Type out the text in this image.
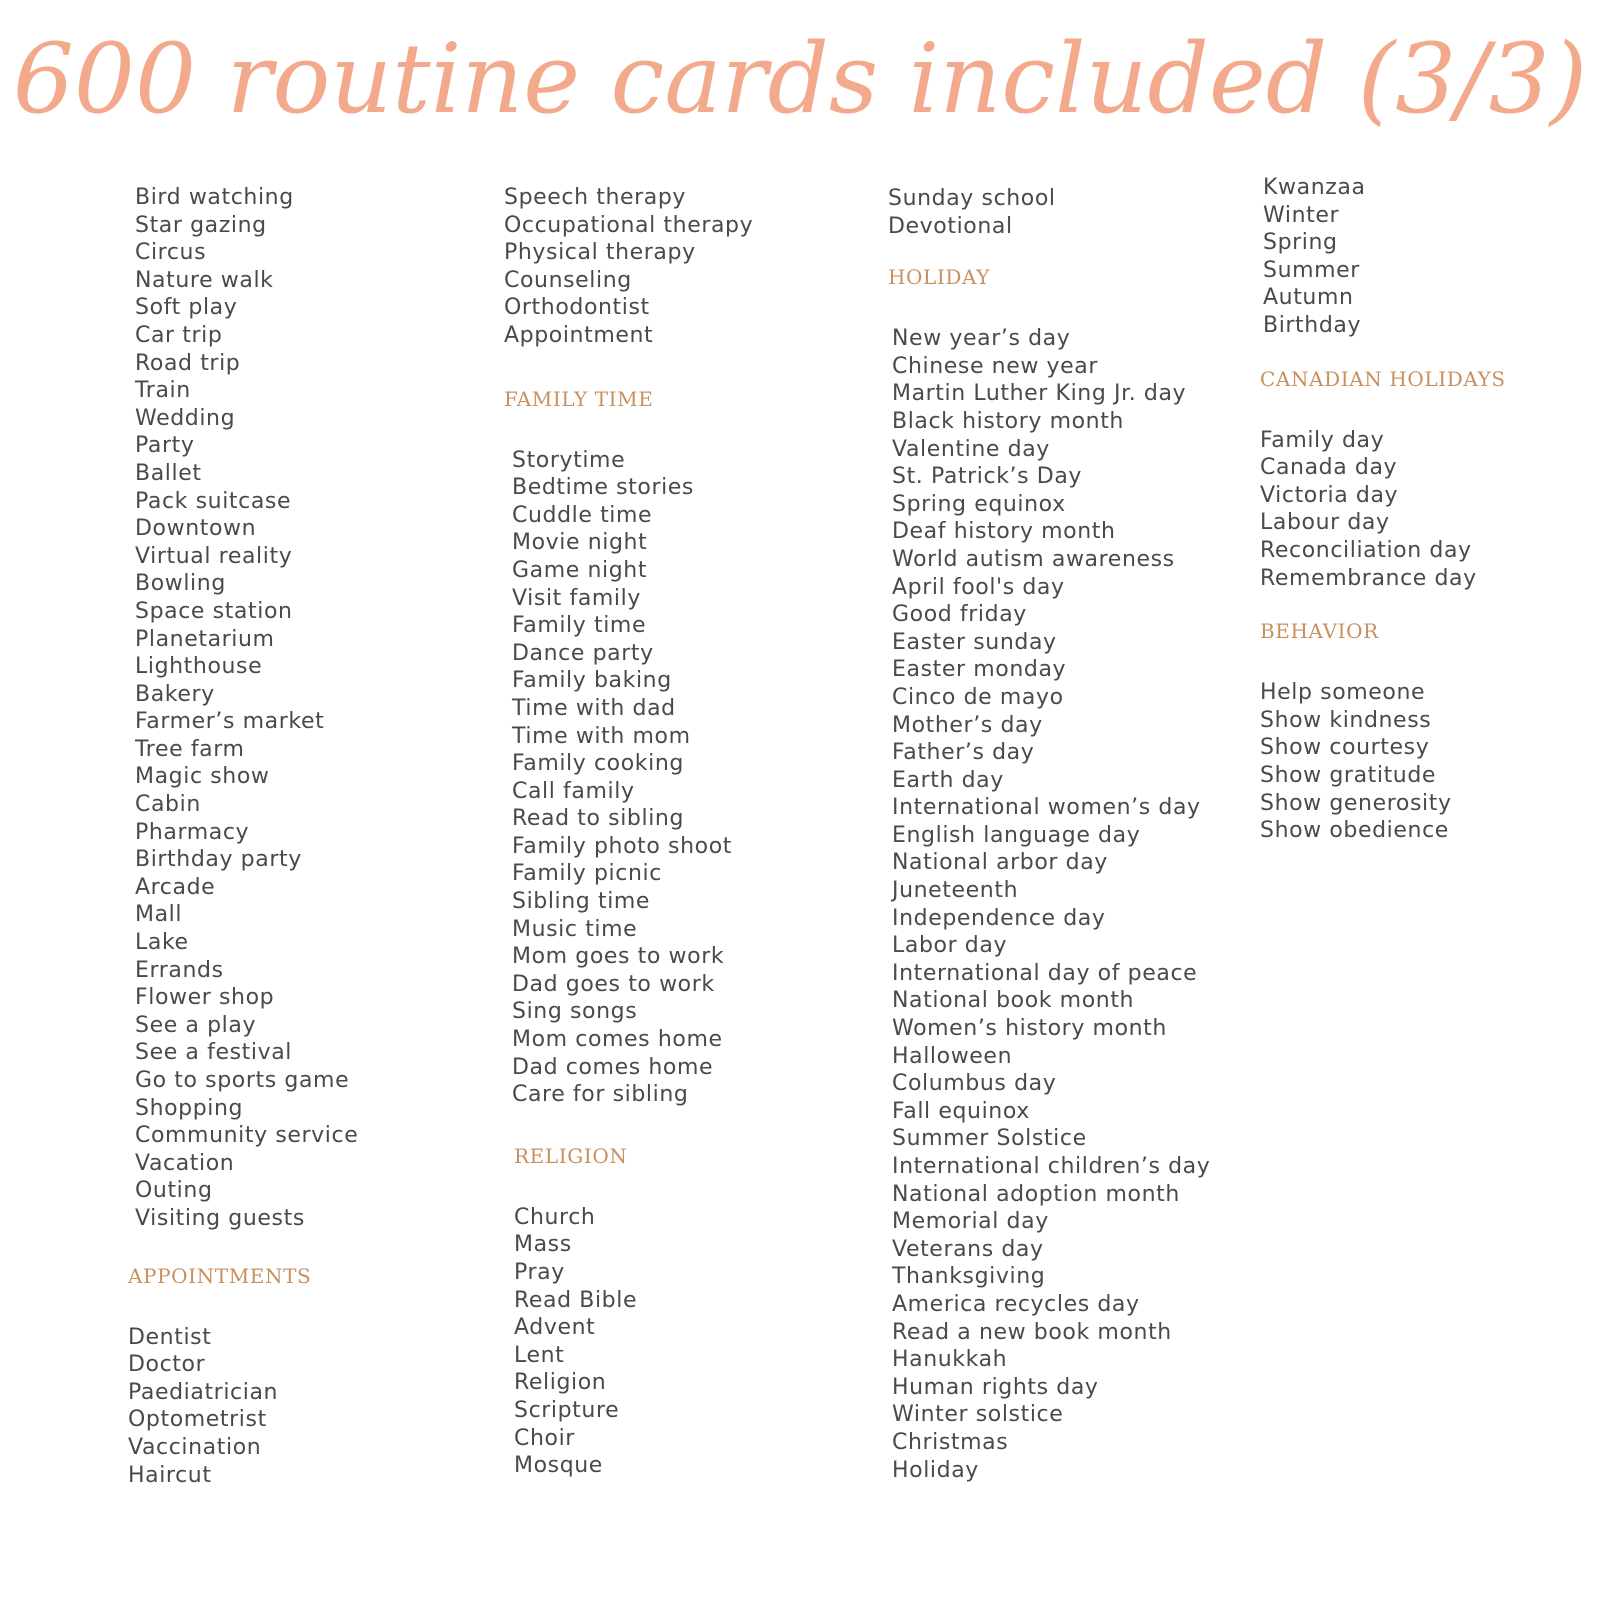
600 routine cards included (3/3)
Bird watching
Star gazing
Circus
Nature walk
Soft play
Car trip
Road trip
Train
Wedding
Party
Ballet
Pack suitcase
Downtown
Virtual reality
Bowling
Space station
Planetarium
Lighthouse
Bakery
Farmer’s market
Tree farm
Magic show
Cabin
Pharmacy
Birthday party
Arcade
Mall
Lake
Errands
Flower shop
See a play
See a festival
Go to sports game
Shopping
Community service
Vacation
Outing
Visiting guests
APPOINTMENTS
Dentist
Doctor
Paediatrician
Optometrist
Vaccination
Haircut
Speech therapy
Occupational therapy
Physical therapy
Counseling
Orthodontist
Appointment
FAMILY TIME
Storytime
Bedtime stories
Cuddle time
Movie night
Game night
Visit family
Family time
Dance party
Family baking
Time with dad
Time with mom
Family cooking
Call family
Read to sibling
Family photo shoot
Family picnic
Sibling time
Music time
Mom goes to work
Dad goes to work
Sing songs
Mom comes home
Dad comes home
Care for sibling
RELIGION
Church
Mass
Pray
Read Bible
Advent
Lent
Religion
Scripture
Choir
Mosque
Sunday school
Devotional
HOLIDAY
New year’s day
Chinese new year
Martin Luther King Jr. day
Black history month
Valentine day
St. Patrick’s Day
Spring equinox
Deaf history month
World autism awareness
April fool's day
Good friday
Easter sunday
Easter monday
Cinco de mayo
Mother’s day
Father’s day
Earth day
International women’s day
English language day
National arbor day
Juneteenth
Independence day
Labor day
International day of peace
National book month
Women’s history month
Halloween
Columbus day
Fall equinox
Summer Solstice
International children’s day
National adoption month
Memorial day
Veterans day
Thanksgiving
America recycles day
Read a new book month
Hanukkah
Human rights day
Winter solstice
Christmas
Holiday
Kwanzaa
Winter
Spring
Summer
Autumn
Birthday
CANADIAN HOLIDAYS
Family day
Canada day
Victoria day
Labour day
Reconciliation day
Remembrance day
BEHAVIOR
Help someone
Show kindness
Show courtesy
Show gratitude
Show generosity
Show obedience
